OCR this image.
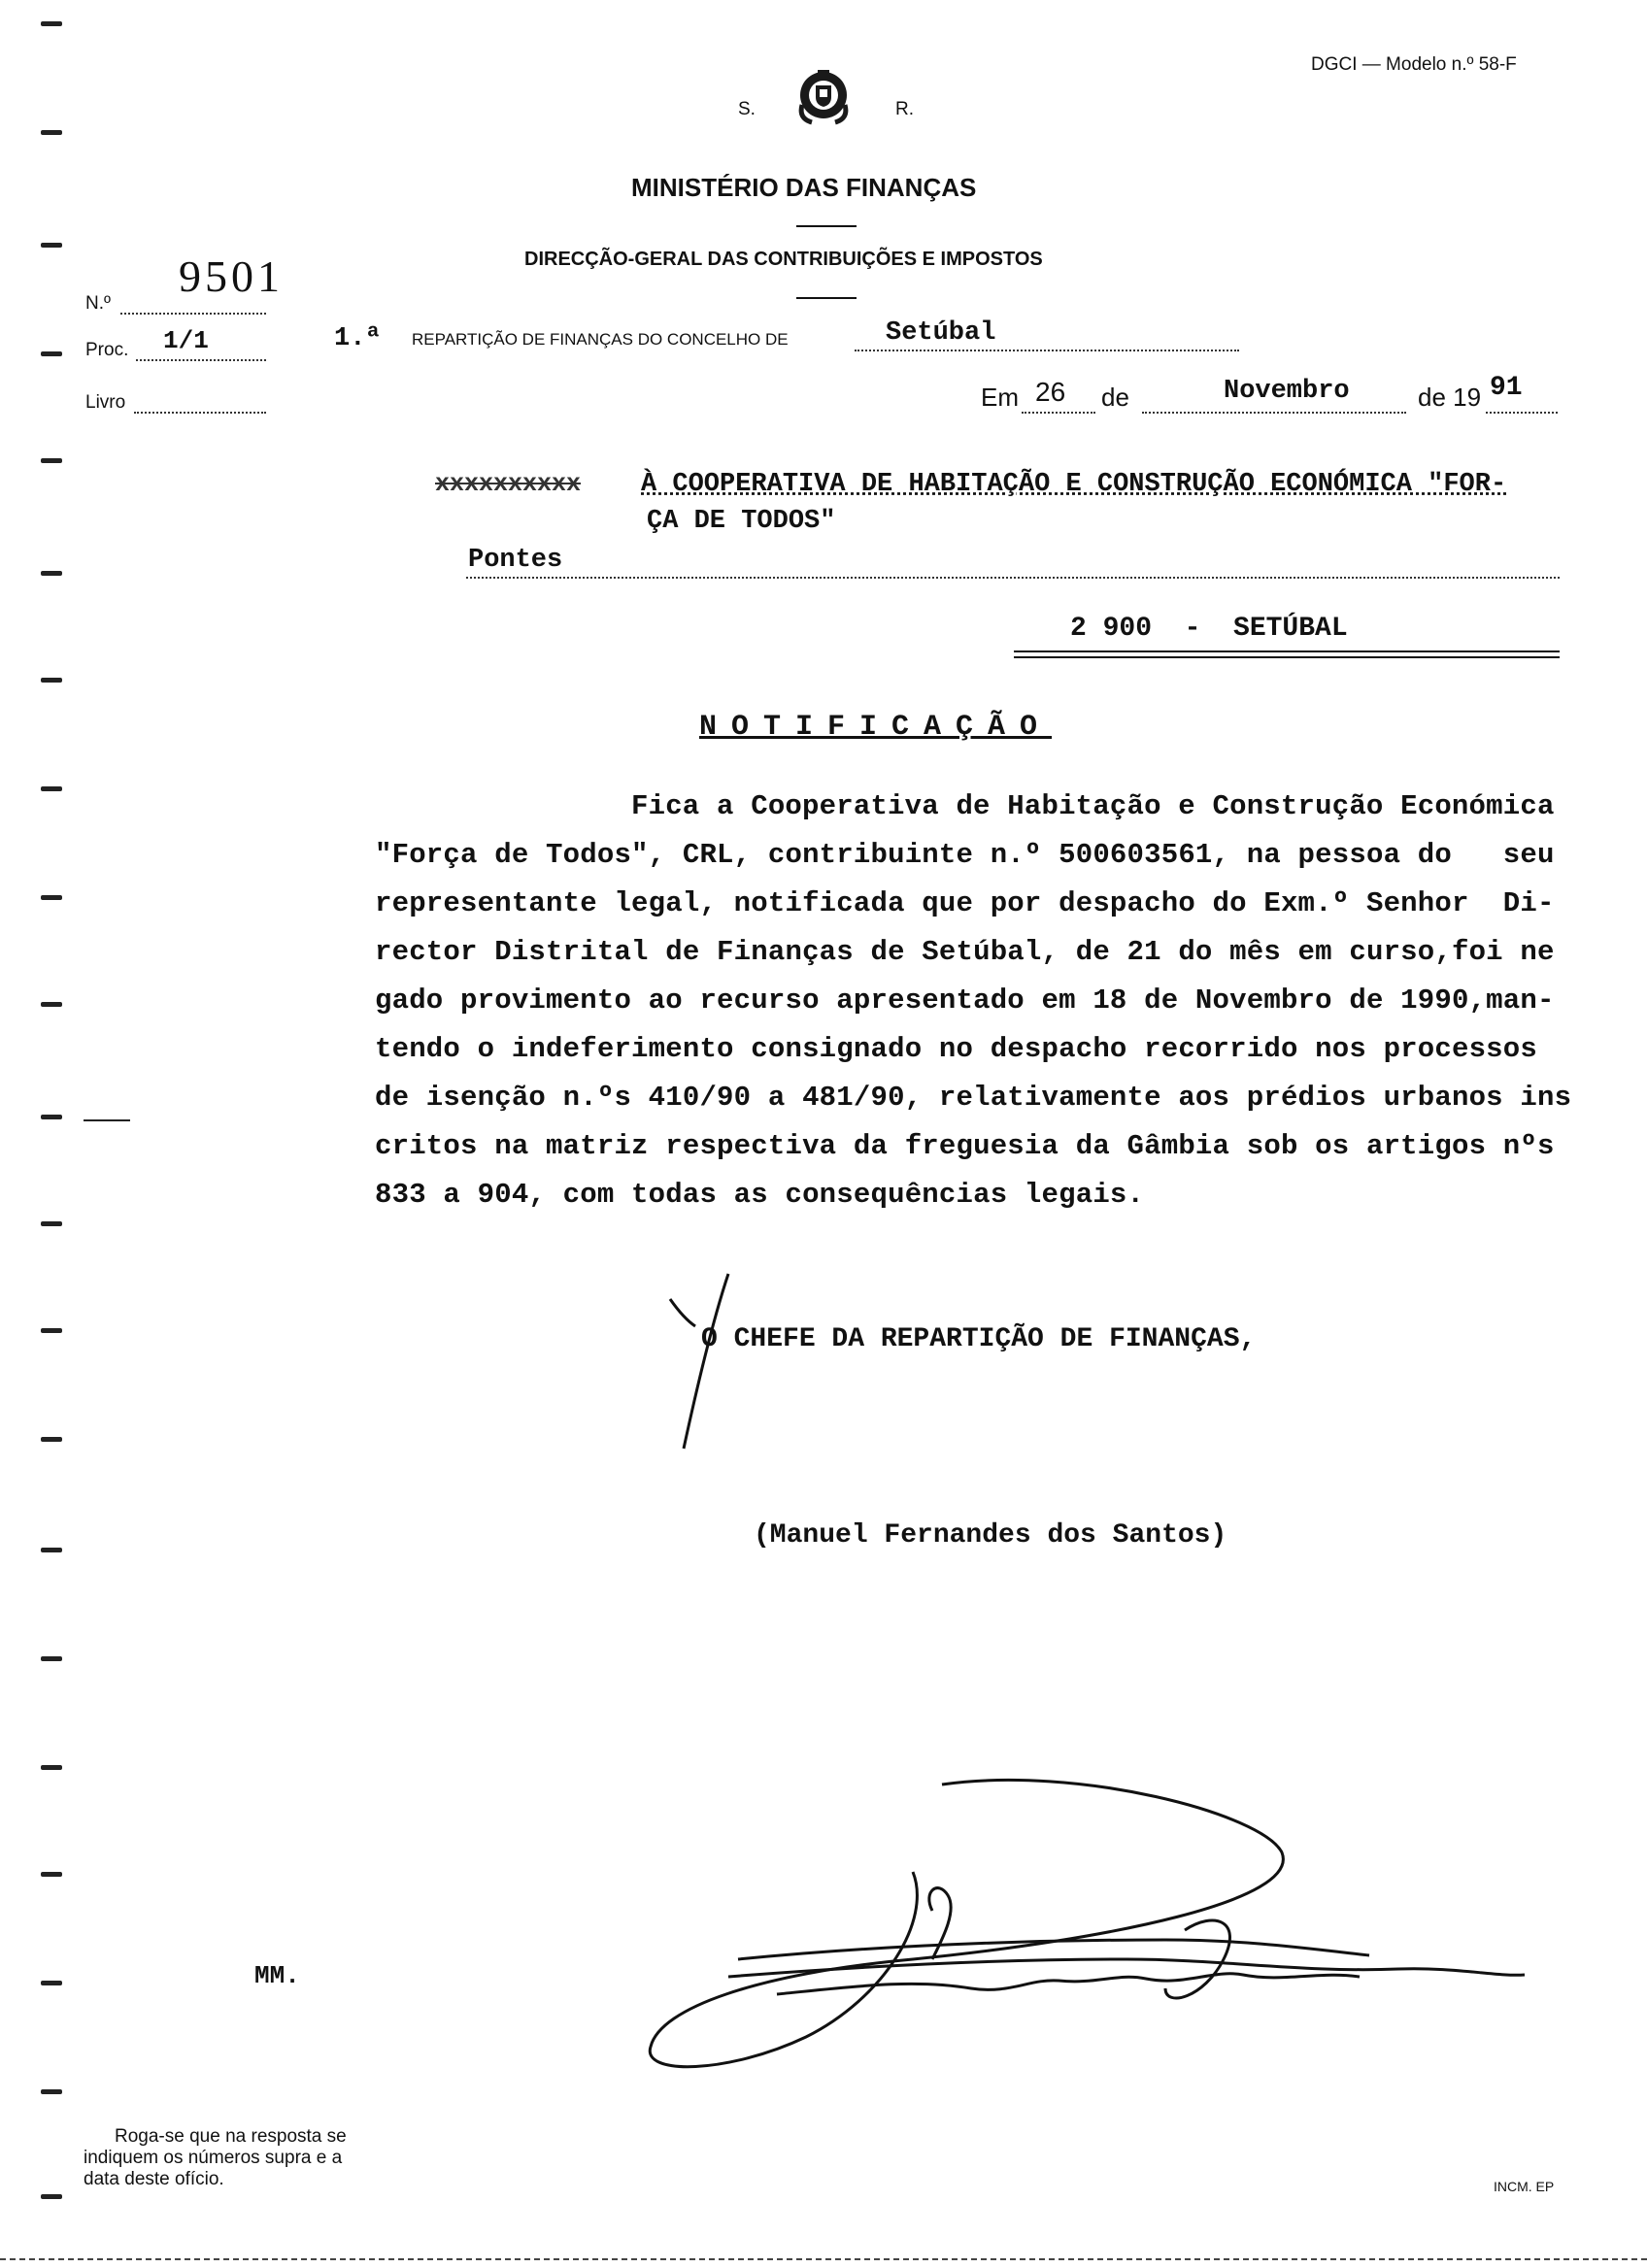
DGCI — Modelo n.º 58-F
S.	R.
MINISTÉRIO DAS FINANÇAS
DIRECÇÃO-GERAL DAS CONTRIBUIÇÕES E IMPOSTOS
N.º
9501
Proc. 1/1
Livro
1.ª REPARTIÇÃO DE FINANÇAS DO CONCELHO DE	Setúbal
Em 26 de	Novembro	de 19 91
xxxxxxxxxx À COOPERATIVA DE HABITAÇÃO E CONSTRUÇÃO ECONÓMICA "FOR-
ÇA DE TODOS"
Pontes
2 900  -  SETÚBAL
NOTIFICAÇÃO
Fica a Cooperativa de Habitação e Construção Económica
"Força de Todos", CRL, contribuinte n.º 500603561, na pessoa do   seu
representante legal, notificada que por despacho do Exm.º Senhor  Di-
rector Distrital de Finanças de Setúbal, de 21 do mês em curso,foi ne
gado provimento ao recurso apresentado em 18 de Novembro de 1990,man-
tendo o indeferimento consignado no despacho recorrido nos processos
de isenção n.ºs 410/90 a 481/90, relativamente aos prédios urbanos ins
critos na matriz respectiva da freguesia da Gâmbia sob os artigos nºs
833 a 904, com todas as consequências legais.
O CHEFE DA REPARTIÇÃO DE FINANÇAS,
(Manuel Fernandes dos Santos)
MM.
Roga-se que na resposta se
indiquem os números supra e a
data deste ofício.	INCM. EP
